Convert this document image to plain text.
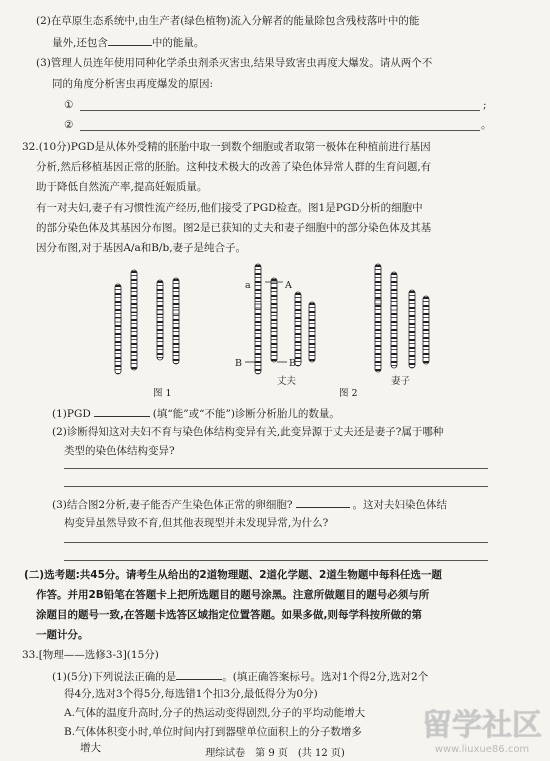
(2)在草原生态系统中,由生产者(绿色植物)流入分解者的能量除包含残枝落叶中的能
量外,还包含	中的能量。
(3)管理人员连年使用同种化学杀虫剂杀灭害虫,结果导致害虫再度大爆发。请从两个不
同的角度分析害虫再度爆发的原因:
①	;
②	。
32.(10分)PGD是从体外受精的胚胎中取一到数个细胞或者取第一极体在种植前进行基因
分析,然后移植基因正常的胚胎。这种技术极大的改善了染色体异常人群的生育问题,有
助于降低自然流产率,提高妊娠质量。
有一对夫妇,妻子有习惯性流产经历,他们接受了PGD检查。图1是PGD分析的细胞中
的部分染色体及其基因分布图。图2是已获知的丈夫和妻子细胞中的部分染色体及其基
因分布图,对于基因A/a和B/b,妻子是纯合子。
图 1
a	A
B	B
丈夫
图 2
妻子
(1)PGD	(填“能”或“不能”)诊断分析胎儿的数量。
(2)诊断得知这对夫妇不育与染色体结构变异有关,此变异源于丈夫还是妻子?属于哪种
类型的染色体结构变异?
(3)结合图2分析,妻子能否产生染色体正常的卵细胞?	。这对夫妇染色体结
构变异虽然导致不育,但其他表现型并未发现异常,为什么?
(二)选考题:共45分。请考生从给出的2道物理题、2道化学题、2道生物题中每科任选一题
作答。并用2B铅笔在答题卡上把所选题目的题号涂黑。注意所做题目的题号必须与所
涂题目的题号一致,在答题卡选答区域指定位置答题。如果多做,则每学科按所做的第
一题计分。
33.[物理——选修3-3](15分)
(1)(5分)下列说法正确的是	。(填正确答案标号。选对1个得2分,选对2个
得4分,选对3个得5分,每选错1个扣3分,最低得分为0分)
A.气体的温度升高时,分子的热运动变得剧烈,分子的平均动能增大
B.气体体积变小时,单位时间内打到器壁单位面积上的分子数增多
增大
留学社区
www.liuxue86.com
理综试卷　第 9 页　(共 12 页)
